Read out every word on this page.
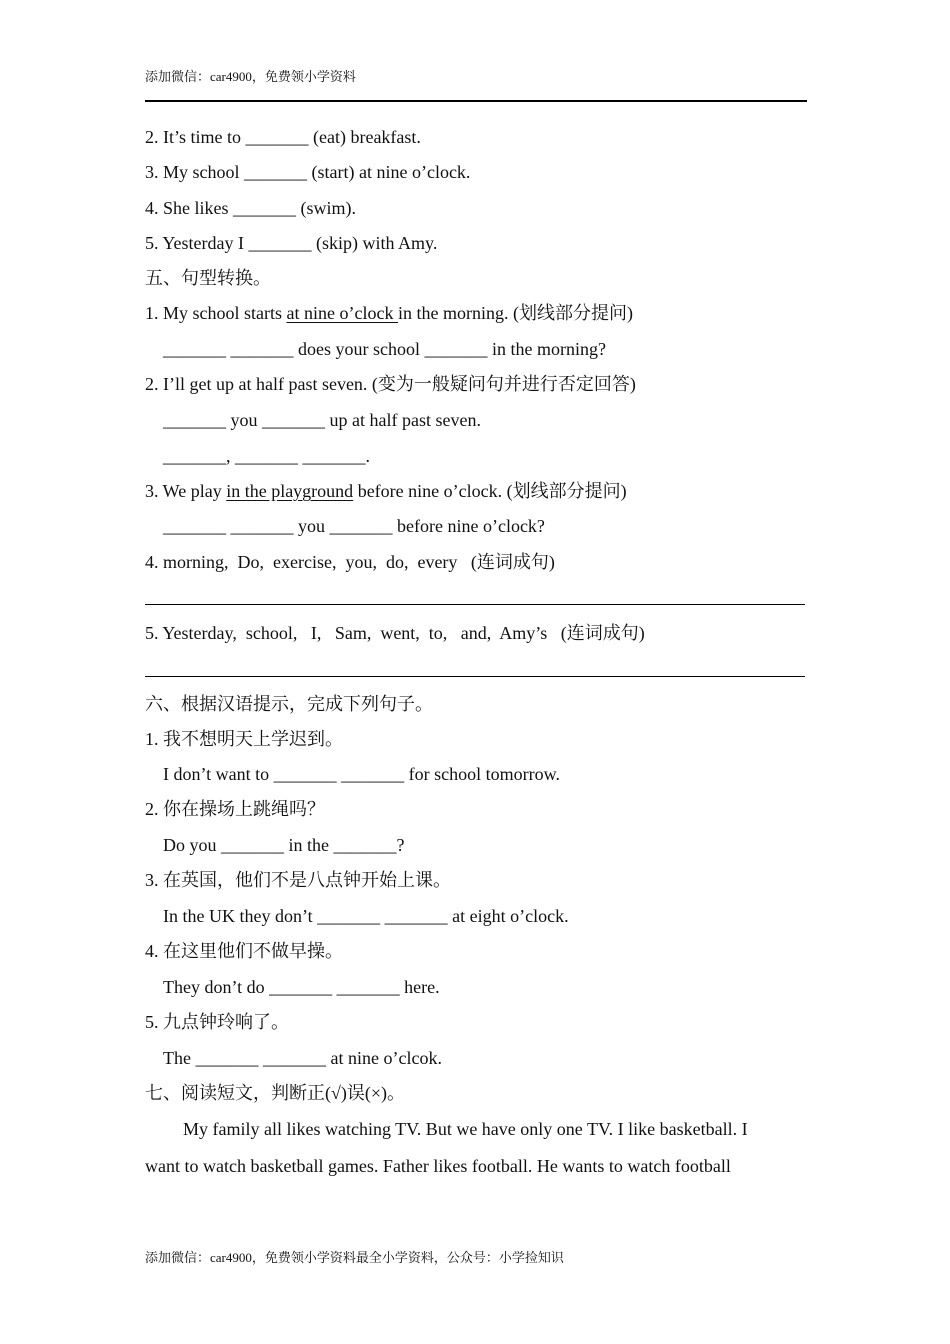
添加微信：car4900，免费领小学资料
2. It’s time to _______ (eat) breakfast.
3. My school _______ (start) at nine o’clock.
4. She likes _______ (swim).
5. Yesterday I _______ (skip) with Amy.
五、句型转换。
1. My school starts at nine o’clock in the morning. (划线部分提问)
_______ _______ does your school _______ in the morning?
2. I’ll get up at half past seven. (变为一般疑问句并进行否定回答)
_______ you _______ up at half past seven.
_______, _______ _______.
3. We play in the playground before nine o’clock. (划线部分提问)
_______ _______ you _______ before nine o’clock?
4. morning,  Do,  exercise,  you,  do,  every   (连词成句)
5. Yesterday,  school,   I,   Sam,  went,  to,   and,  Amy’s   (连词成句)
六、根据汉语提示，完成下列句子。
1. 我不想明天上学迟到。
I don’t want to _______ _______ for school tomorrow.
2. 你在操场上跳绳吗？
Do you _______ in the _______?
3. 在英国，他们不是八点钟开始上课。
In the UK they don’t _______ _______ at eight o’clock.
4. 在这里他们不做早操。
They don’t do _______ _______ here.
5. 九点钟玲响了。
The _______ _______ at nine o’clcok.
七、阅读短文，判断正(√)误(×)。
My family all likes watching TV. But we have only one TV. I like basketball. I
want to watch basketball games. Father likes football. He wants to watch football
添加微信：car4900，免费领小学资料最全小学资料，公众号：小学捡知识
